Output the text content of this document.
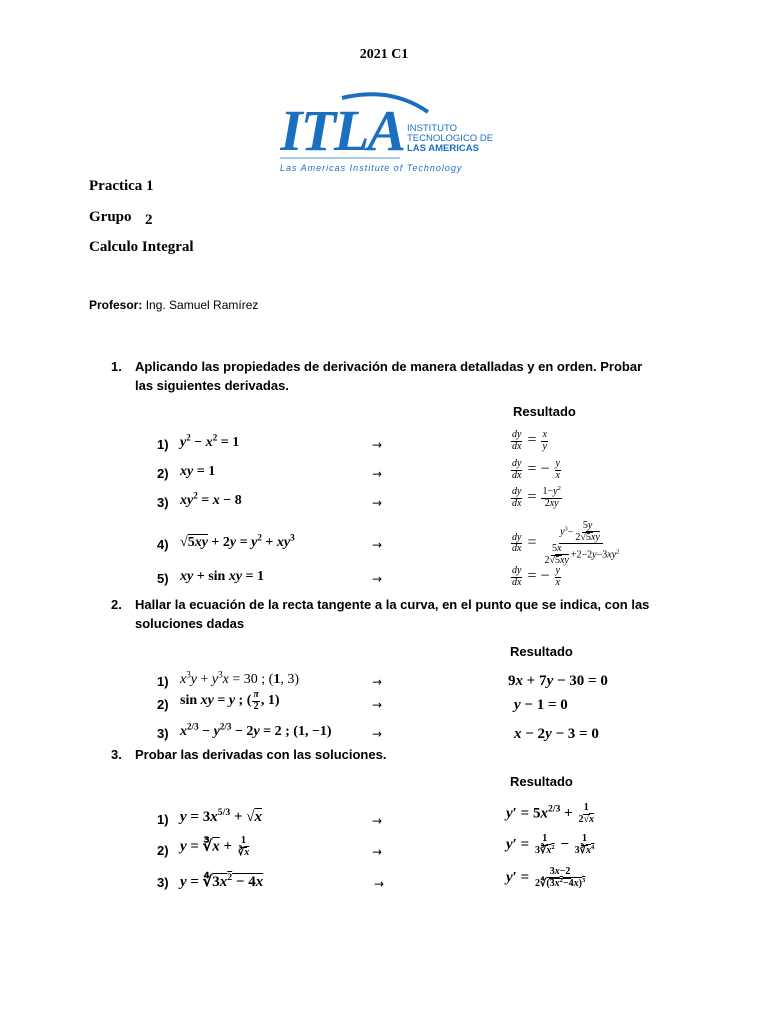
2021 C1
ITLA INSTITUTO
TECNOLOGICO DE
LAS AMERICAS
Las Americas Institute of Technology
Practica 1
Grupo 2
Calculo Integral
Profesor: Ing. Samuel Ramírez
1. Aplicando las propiedades de derivación de manera detalladas y en orden. Probar las siguientes derivadas.
Resultado
1)
2)
3)
4)
5)
$y^2 - x^2 = 1$
xy = 1
$xy^2 = x - 8$
$√5xy + 2y = y^2 + xy^3$
xy + sin xy = 1
→
→
→
→
→
$\frac{dy}{dx} = \frac{x}{y}$
$\frac{dy}{dx}$ = − $\frac{y}{x}$
$\frac{dy}{dx} = \frac{1-y^2}{2xy}$
$\frac{dy}{dx} = \frac{y^3- \frac{5y}{2√5xy}}{\frac{5x}{2√5xy} +2-2y-3xy^2}$
$\frac{dy}{dx}$ = − $\frac{y}{x}$
2. Hallar la ecuación de la recta tangente a la curva, en el punto que se indica, con las soluciones dadas
Resultado
1)
2)
3)
$x^3y + y^3x = 30$ ; (1, 3)
sin xy = y ; ( $\frac{\pi}{2}$ , 1)
$x^{2/3} - y^{2/3} - 2y = 2$ ; (1, −1)
→
→
→
9x + 7y − 30 = 0
y − 1 = 0
x − 2y − 3 = 0
3. Probar las derivadas con las soluciones.
Resultado
1)
2)
3)
$y = 3x^{5/3} + √x$
$y = ∛\overline{x} + \frac{1}{∛\overline{x}}$
$y = ∜3x^2 - 4x$
→
→
→
$y' = 5x^{2/3} + \frac{1}{2√x}$
$y' = \frac{1}{3∛x^2} - \frac{1}{3∛x^4}$
$y' = \frac{3x-2}{2∜(3x^2-4x)^3}$
